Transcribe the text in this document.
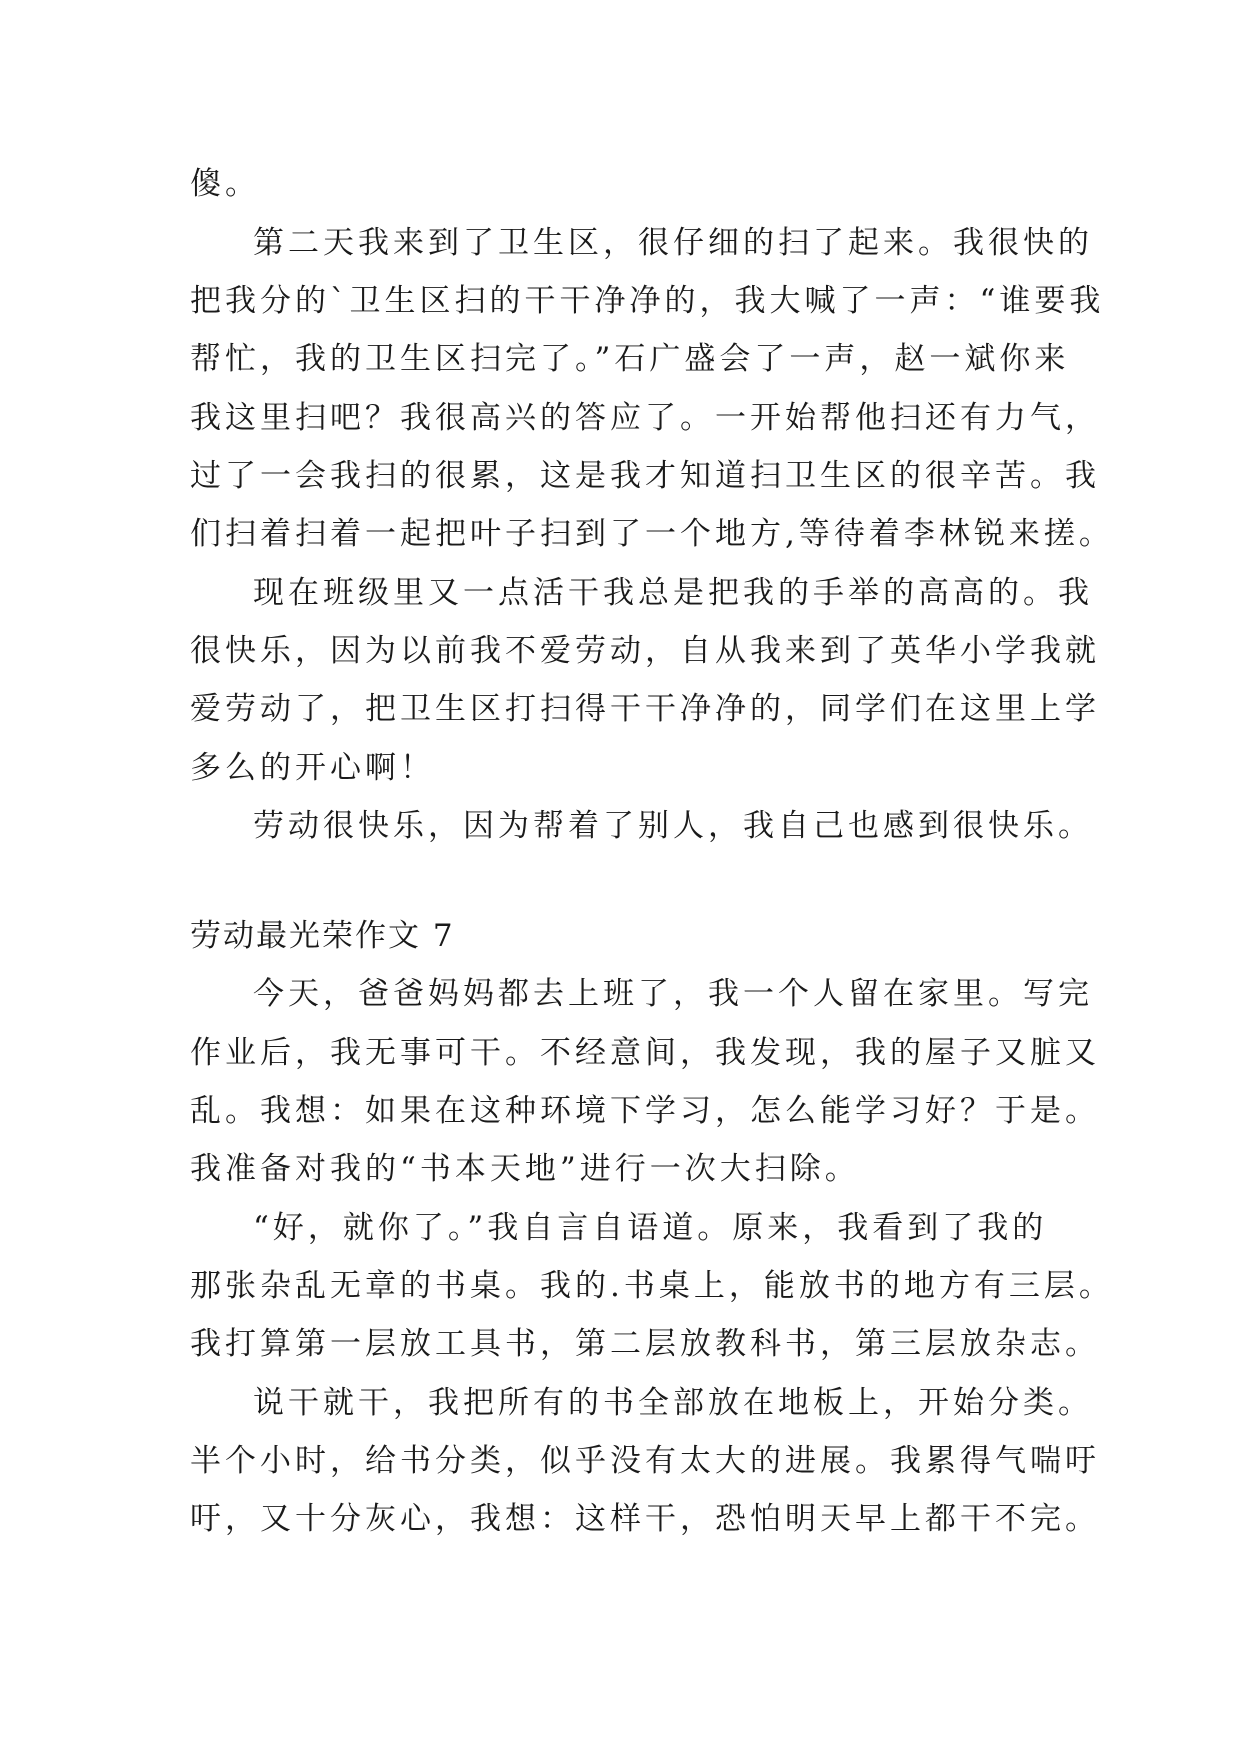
傻。
第二天我来到了卫生区，很仔细的扫了起来。我很快的
把我分的`卫生区扫的干干净净的，我大喊了一声：“谁要我
帮忙，我的卫生区扫完了。”石广盛会了一声，赵一斌你来
我这里扫吧？我很高兴的答应了。一开始帮他扫还有力气，
过了一会我扫的很累，这是我才知道扫卫生区的很辛苦。我
们扫着扫着一起把叶子扫到了一个地方,等待着李林锐来搓。
现在班级里又一点活干我总是把我的手举的高高的。我
很快乐，因为以前我不爱劳动，自从我来到了英华小学我就
爱劳动了，把卫生区打扫得干干净净的，同学们在这里上学
多么的开心啊！
劳动很快乐，因为帮着了别人，我自己也感到很快乐。
劳动最光荣作文 7
今天，爸爸妈妈都去上班了，我一个人留在家里。写完
作业后，我无事可干。不经意间，我发现，我的屋子又脏又
乱。我想：如果在这种环境下学习，怎么能学习好？于是。
我准备对我的“书本天地”进行一次大扫除。
“好，就你了。”我自言自语道。原来，我看到了我的
那张杂乱无章的书桌。我的.书桌上，能放书的地方有三层。
我打算第一层放工具书，第二层放教科书，第三层放杂志。
说干就干，我把所有的书全部放在地板上，开始分类。
半个小时，给书分类，似乎没有太大的进展。我累得气喘吁
吁，又十分灰心，我想：这样干，恐怕明天早上都干不完。
